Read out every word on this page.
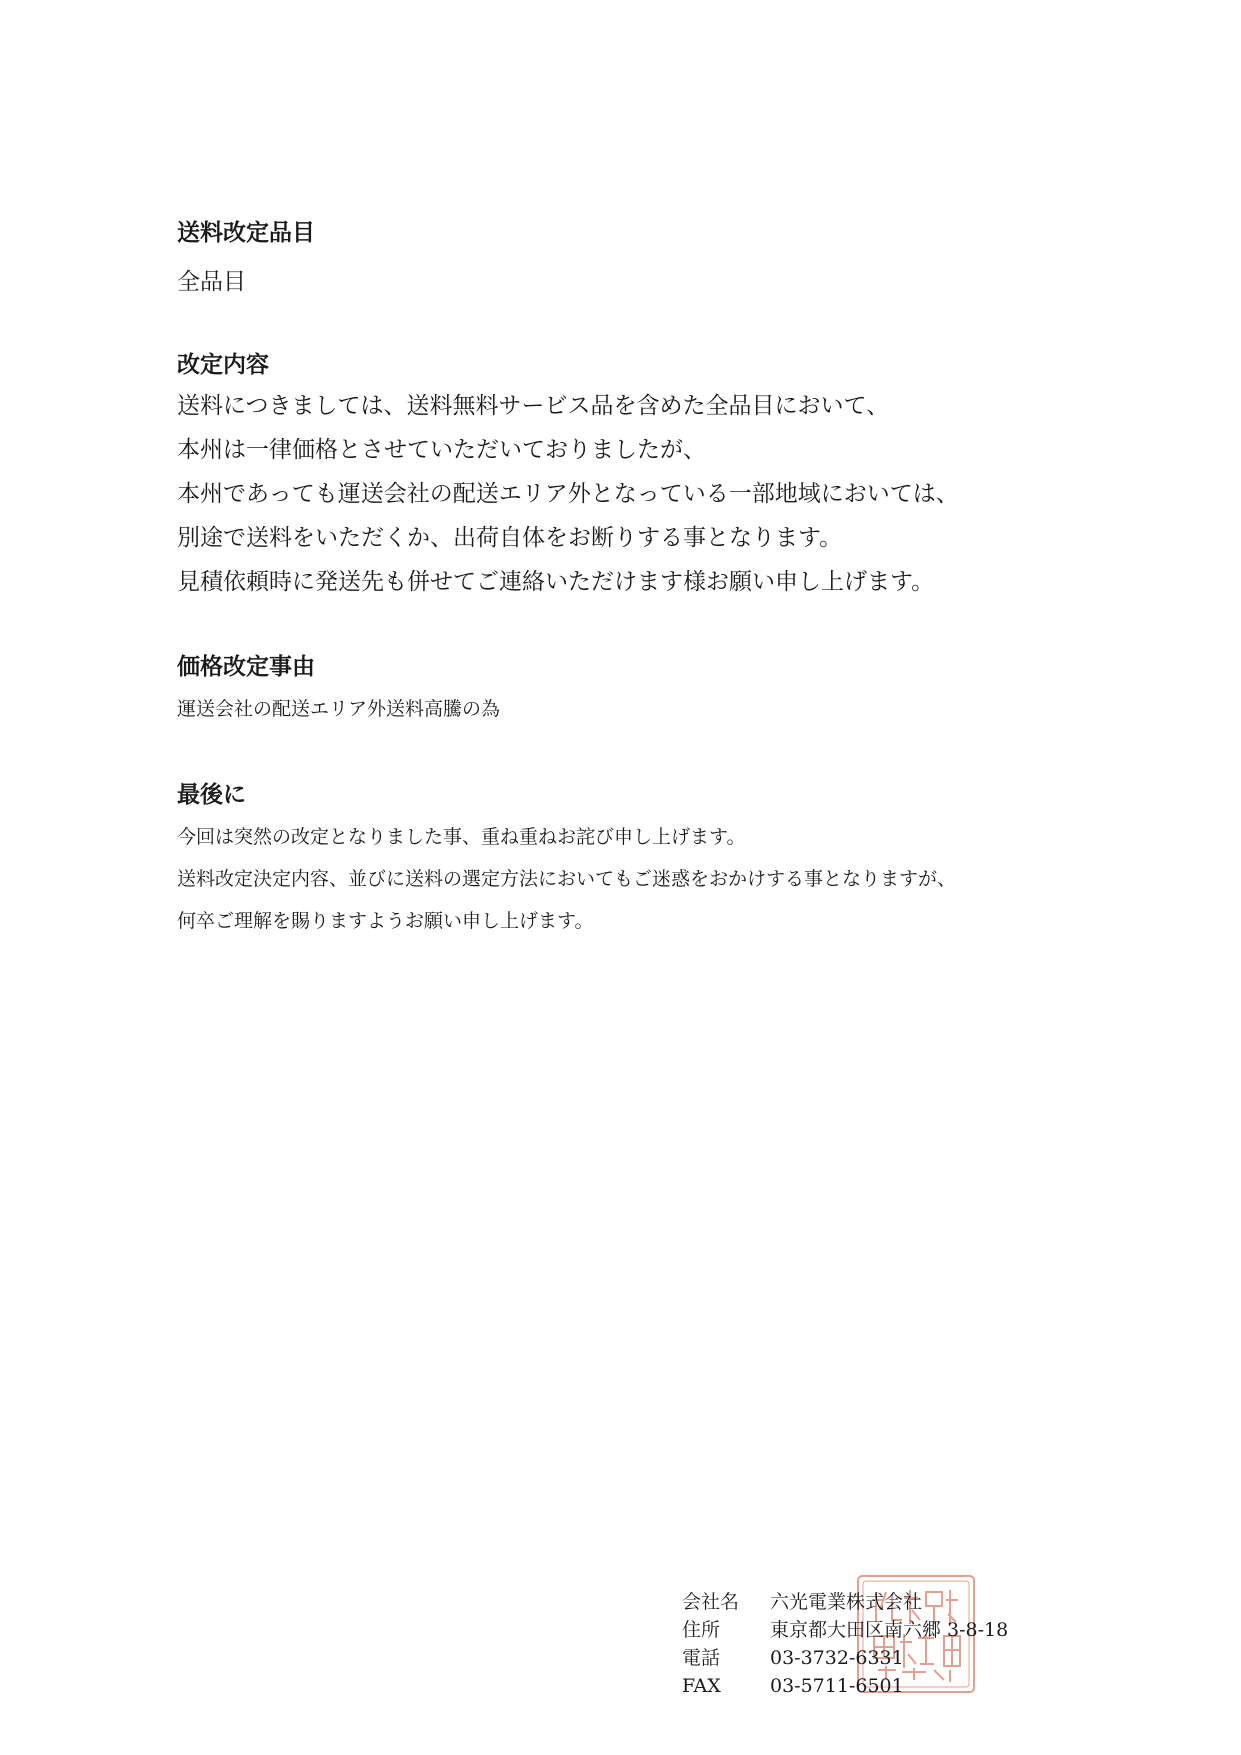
送料改定品目

全品目

改定内容

送料につきましては、送料無料サービス品を含めた全品目において、
本州は一律価格とさせていただいておりましたが、
本州であっても運送会社の配送エリア外となっている一部地域においては、
別途で送料をいただくか、出荷自体をお断りする事となります。
見積依頼時に発送先も併せてご連絡いただけます様お願い申し上げます。

価格改定事由

運送会社の配送エリア外送料高騰の為

最後に

今回は突然の改定となりました事、重ね重ねお詫び申し上げます。
送料改定決定内容、並びに送料の選定方法においてもご迷惑をおかけする事となりますが、
何卒ご理解を賜りますようお願い申し上げます。
会社名	六光電業株式会社
住所	東京都大田区南六郷 3-8-18
電話	03-3732-6331
FAX	03-5711-6501
